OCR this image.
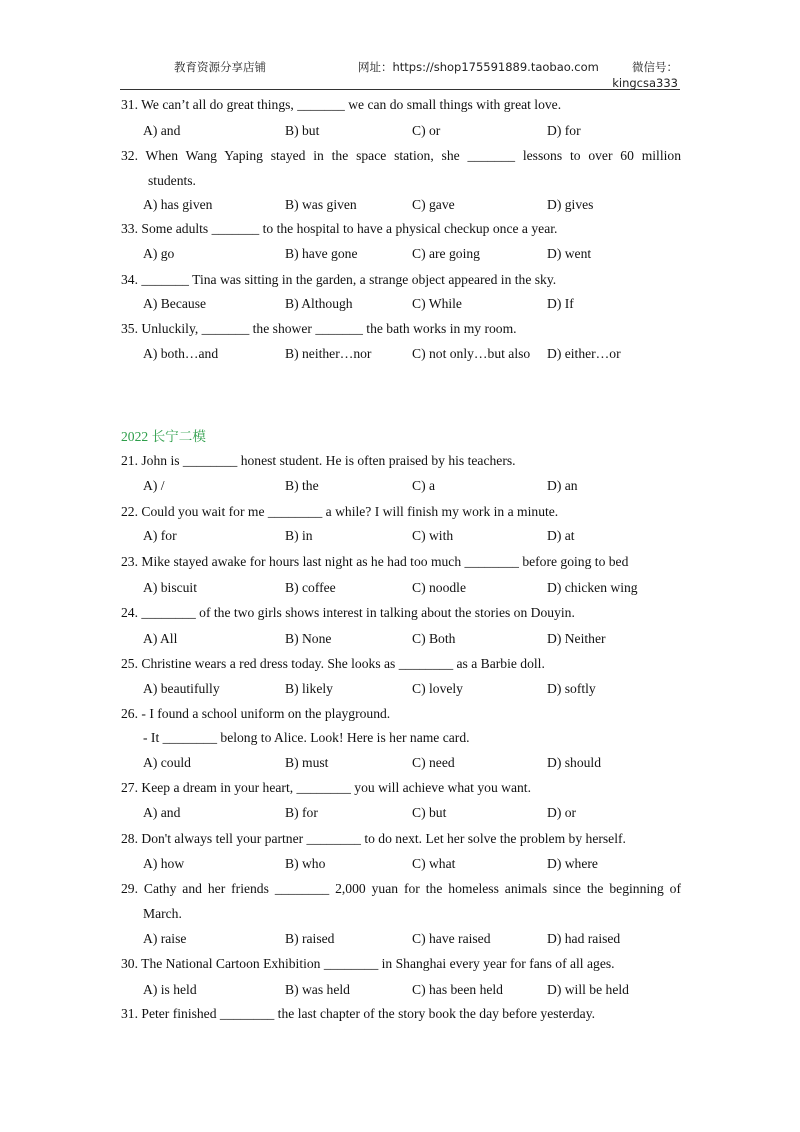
教育资源分享店铺	网址：https://shop175591889.taobao.com	微信号：
kingcsa333
2022 长宁二模
31. We can’t all do great things, _______ we can do small things with great love.
A) and	B) but	C) or	D) for
32. When Wang Yaping stayed in the space station, she _______ lessons to over 60 million
students.
A) has given	B) was given	C) gave	D) gives
33. Some adults _______ to the hospital to have a physical checkup once a year.
A) go	B) have gone	C) are going	D) went
34. _______ Tina was sitting in the garden, a strange object appeared in the sky.
A) Because	B) Although	C) While	D) If
35. Unluckily, _______ the shower _______ the bath works in my room.
A) both…and	B) neither…nor	C) not only…but also D) either…or
21. John is ________ honest student. He is often praised by his teachers.
A) /	B) the	C) a	D) an
22. Could you wait for me ________ a while? I will finish my work in a minute.
A) for	B) in	C) with	D) at
23. Mike stayed awake for hours last night as he had too much ________ before going to bed
A) biscuit	B) coffee	C) noodle	D) chicken wing
24. ________ of the two girls shows interest in talking about the stories on Douyin.
A) All	B) None	C) Both	D) Neither
25. Christine wears a red dress today. She looks as ________ as a Barbie doll.
A) beautifully	B) likely	C) lovely	D) softly
26. - I found a school uniform on the playground.
- It ________ belong to Alice. Look! Here is her name card.
A) could	B) must	C) need	D) should
27. Keep a dream in your heart, ________ you will achieve what you want.
A) and	B) for	C) but	D) or
28. Don't always tell your partner ________ to do next. Let her solve the problem by herself.
A) how	B) who	C) what	D) where
29. Cathy and her friends ________ 2,000 yuan for the homeless animals since the beginning of
March.
A) raise	B) raised	C) have raised	D) had raised
30. The National Cartoon Exhibition ________ in Shanghai every year for fans of all ages.
A) is held	B) was held	C) has been held	D) will be held
31. Peter finished ________ the last chapter of the story book the day before yesterday.
